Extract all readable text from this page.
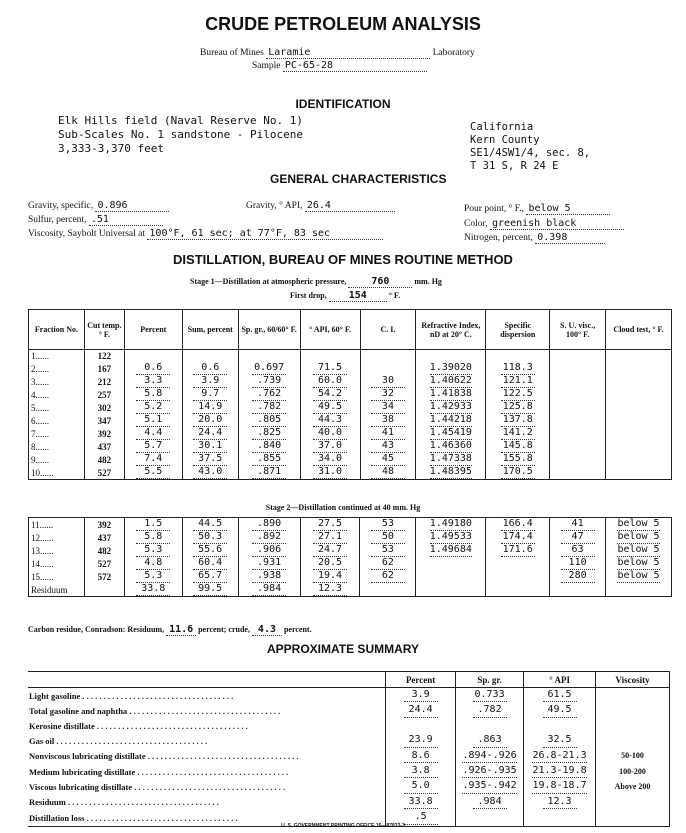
CRUDE PETROLEUM ANALYSIS
Bureau of Mines Laramie	Laboratory
Sample PC-65-28
IDENTIFICATION
Elk Hills field (Naval Reserve No. 1)
Sub-Scales No. 1 sandstone - Pilocene
3,333-3,370 feet
California
Kern County
SE1/4SW1/4, sec. 8,
T 31 S, R 24 E
GENERAL CHARACTERISTICS
Gravity, specific, 0.896	Gravity, ° API, 26.4	Pour point, ° F., below 5
Sulfur, percent, .51	Color, greenish black
Viscosity, Saybolt Universal at 100°F, 61 sec; at 77°F, 83 sec	Nitrogen, percent, 0.398
DISTILLATION, BUREAU OF MINES ROUTINE METHOD
Stage 1—Distillation at atmospheric pressure, 760	mm. Hg
First drop, 154	° F.
Fraction No.	Cut temp. ° F.	Percent	Sum, percent	Sp. gr., 60/60° F.	° API, 60° F.	C. I.	Refractive Index, nD at 20° C.	Specific dispersion	S. U. visc., 100° F.	Cloud test, ° F.
1......	122									
2......	167	0.6	0.6	0.697	71.5		1.39020	118.3		
3......	212	3.3	3.9	.739	60.0	30	1.40622	121.1		
4......	257	5.8	9.7	.762	54.2	32	1.41838	122.5		
5......	302	5.2	14.9	.782	49.5	34	1.42933	125.8		
6......	347	5.1	20.0	.805	44.3	38	1.44218	137.8		
7......	392	4.4	24.4	.825	40.0	41	1.45419	141.2		
8......	437	5.7	30.1	.840	37.0	43	1.46360	145.8		
9......	482	7.4	37.5	.855	34.0	45	1.47338	155.8		
10......	527	5.5	43.0	.871	31.0	48	1.48395	170.5		
Stage 2—Distillation continued at 40 mm. Hg
11......	392	1.5	44.5	.890	27.5	53	1.49180	166.4	41	below 5
12......	437	5.8	50.3	.892	27.1	50	1.49533	174.4	47	below 5
13......	482	5.3	55.6	.906	24.7	53	1.49684	171.6	63	below 5
14......	527	4.8	60.4	.931	20.5	62			110	below 5
15......	572	5.3	65.7	.938	19.4	62			280	below 5
Residuum		33.8	99.5	.984	12.3					
Carbon residue, Conradson: Residuum, 11.6 percent; crude, 4.3 percent.
APPROXIMATE SUMMARY
	Percent	Sp. gr.	° API	Viscosity
Light gasoline . . . . . . . . . . . . . . . . . . . . . . . . . . . . . . . . . . . .	3.9	0.733	61.5	
Total gasoline and naphtha . . . . . . . . . . . . . . . . . . . . . . . . . . . . . . . . . . . .	24.4	.782	49.5	
Kerosine distillate . . . . . . . . . . . . . . . . . . . . . . . . . . . . . . . . . . . .				
Gas oil . . . . . . . . . . . . . . . . . . . . . . . . . . . . . . . . . . . .	23.9	.863	32.5	
Nonviscous lubricating distillate . . . . . . . . . . . . . . . . . . . . . . . . . . . . . . . . . . . .	8.6	.894-.926	26.8-21.3	50-100
Medium lubricating distillate . . . . . . . . . . . . . . . . . . . . . . . . . . . . . . . . . . . .	3.8	.926-.935	21.3-19.8	100-200
Viscous lubricating distillate . . . . . . . . . . . . . . . . . . . . . . . . . . . . . . . . . . . .	5.0	.935-.942	19.8-18.7	Above 200
Residuum . . . . . . . . . . . . . . . . . . . . . . . . . . . . . . . . . . . .	33.8	.984	12.3	
Distillation loss . . . . . . . . . . . . . . . . . . . . . . . . . . . . . . . . . . . .	.5			
U. S. GOVERNMENT PRINTING OFFICE 16—87833-3
